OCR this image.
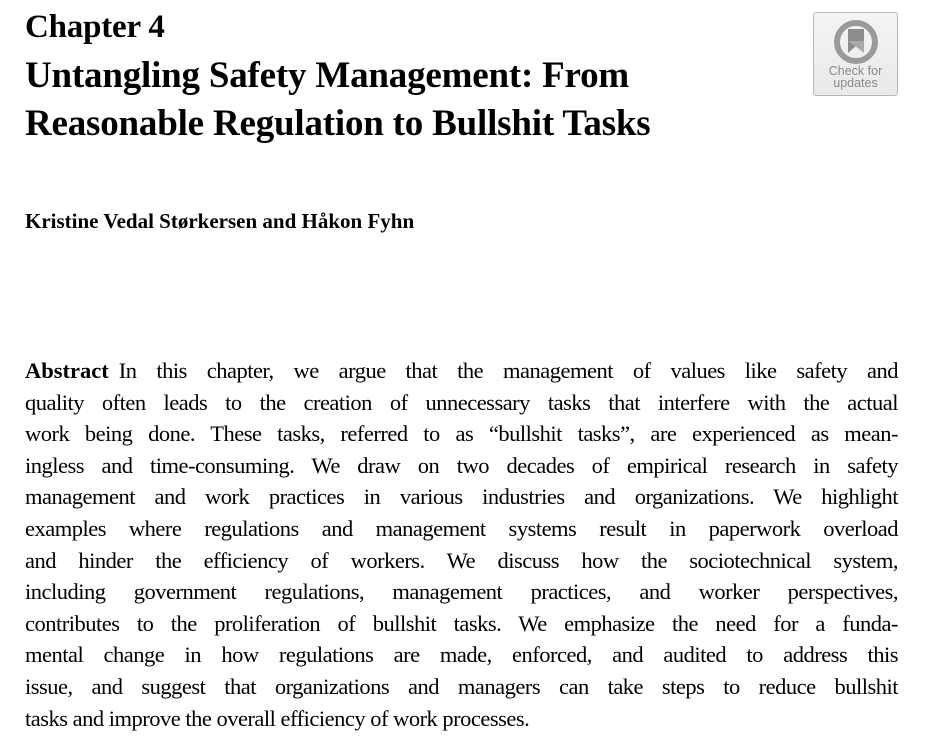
Chapter 4
Untangling Safety Management: From
Reasonable Regulation to Bullshit Tasks
Check for
updates
Kristine Vedal Størkersen and Håkon Fyhn
Abstract In this chapter, we argue that the management of values like safety and
quality often leads to the creation of unnecessary tasks that interfere with the actual
work being done. These tasks, referred to as “bullshit tasks”, are experienced as mean-
ingless and time-consuming. We draw on two decades of empirical research in safety
management and work practices in various industries and organizations. We highlight
examples where regulations and management systems result in paperwork overload
and hinder the efficiency of workers. We discuss how the sociotechnical system,
including government regulations, management practices, and worker perspectives,
contributes to the proliferation of bullshit tasks. We emphasize the need for a funda-
mental change in how regulations are made, enforced, and audited to address this
issue, and suggest that organizations and managers can take steps to reduce bullshit
tasks and improve the overall efficiency of work processes.
